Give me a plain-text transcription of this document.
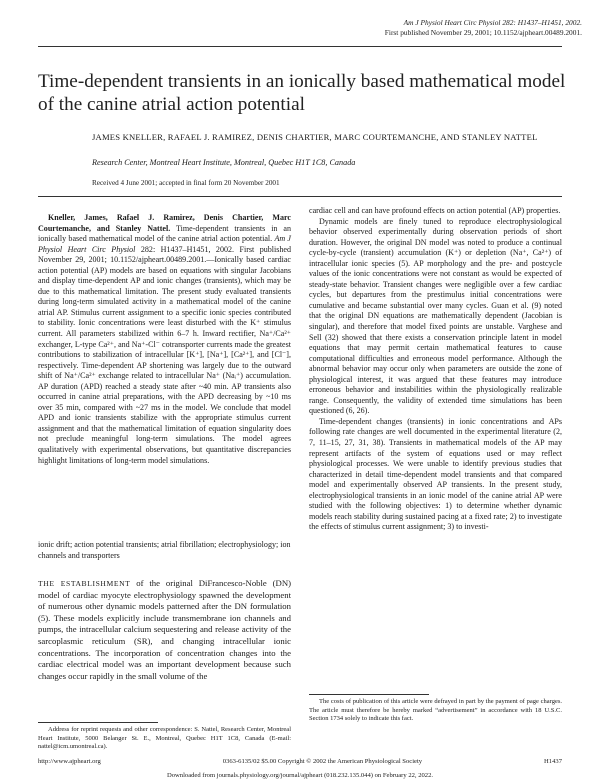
Am J Physiol Heart Circ Physiol 282: H1437–H1451, 2002.
First published November 29, 2001; 10.1152/ajpheart.00489.2001.
Time-dependent transients in an ionically based mathematical model of the canine atrial action potential
JAMES KNELLER, RAFAEL J. RAMIREZ, DENIS CHARTIER, MARC COURTEMANCHE, AND STANLEY NATTEL
Research Center, Montreal Heart Institute, Montreal, Quebec H1T 1C8, Canada
Received 4 June 2001; accepted in final form 20 November 2001

Kneller, James, Rafael J. Ramirez, Denis Chartier, Marc Courtemanche, and Stanley Nattel. Time-dependent transients in an ionically based mathematical model of the canine atrial action potential. Am J Physiol Heart Circ Physiol 282: H1437–H1451, 2002. First published November 29, 2001; 10.1152/ajpheart.00489.2001.—Ionically based cardiac action potential (AP) models are based on equations with singular Jacobians and display time-dependent AP and ionic changes (transients), which may be due to this mathematical limitation. The present study evaluated transients during long-term simulated activity in a mathematical model of the canine atrial AP. Stimulus current assignment to a specific ionic species contributed to stability. Ionic concentrations were least disturbed with the K⁺ stimulus current. All parameters stabilized within 6–7 h. Inward rectifier, Na⁺/Ca²⁺ exchanger, L-type Ca²⁺, and Na⁺-Cl⁻ cotransporter currents made the greatest contributions to stabilization of intracellular [K⁺], [Na⁺], [Ca²⁺], and [Cl⁻], respectively. Time-dependent AP shortening was largely due to the outward shift of Na⁺/Ca²⁺ exchange related to intracellular Na⁺ (Naᵢ⁺) accumulation. AP duration (APD) reached a steady state after ~40 min. AP transients also occurred in canine atrial preparations, with the APD decreasing by ~10 ms over 35 min, compared with ~27 ms in the model. We conclude that model APD and ionic transients stabilize with the appropriate stimulus current assignment and that the mathematical limitation of equation singularity does not preclude meaningful long-term simulations. The model agrees qualitatively with experimental observations, but quantitative discrepancies highlight limitations of long-term model simulations.

ionic drift; action potential transients; atrial fibrillation; electrophysiology; ion channels and transporters
THE ESTABLISHMENT of the original DiFrancesco-Noble (DN) model of cardiac myocyte electrophysiology spawned the development of numerous other dynamic models patterned after the DN formulation (5). These models explicitly include transmembrane ion channels and pumps, the intracellular calcium sequestering and release activity of the sarcoplasmic reticulum (SR), and changing intracellular ionic concentrations. The incorporation of concentration changes into the cardiac electrical model was an important development because such changes occur rapidly in the small volume of the

cardiac cell and can have profound effects on action potential (AP) properties.

Dynamic models are finely tuned to reproduce electrophysiological behavior observed experimentally during observation periods of short duration. However, the original DN model was noted to produce a continual cycle-by-cycle (transient) accumulation (K⁺) or depletion (Na⁺, Ca²⁺) of intracellular ionic species (5). AP morphology and the pre- and postcycle values of the ionic concentrations were not constant as would be expected of steady-state behavior. Transient changes were negligible over a few cardiac cycles, but departures from the prestimulus initial concentrations were cumulative and became substantial over many cycles. Guan et al. (9) noted that the original DN equations are mathematically dependent (Jacobian is singular), and therefore that model fixed points are unstable. Varghese and Sell (32) showed that there exists a conservation principle latent in model equations that may permit certain mathematical features to cause computational difficulties and erroneous model performance. Although the abnormal behavior may occur only when parameters are outside the zone of physiological interest, it was argued that these features may introduce erroneous behavior and instabilities within the physiologically realizable range. Consequently, the validity of extended time simulations has been questioned (6, 26).

Time-dependent changes (transients) in ionic concentrations and APs following rate changes are well documented in the experimental literature (2, 7, 11–15, 27, 31, 38). Transients in mathematical models of the AP may represent artifacts of the system of equations used or may reflect physiological processes. We were unable to identify previous studies that characterized in detail time-dependent model transients and that compared model and experimentally observed AP transients. In the present study, electrophysiological transients in an ionic model of the canine atrial AP were studied with the following objectives: 1) to determine whether dynamic models reach stability during sustained pacing at a fixed rate; 2) to investigate the effects of stimulus current assignment; 3) to investi-

Address for reprint requests and other correspondence: S. Nattel, Research Center, Montreal Heart Institute, 5000 Belanger St. E., Montreal, Quebec H1T 1C8, Canada (E-mail: nattel@icm.umontreal.ca).
The costs of publication of this article were defrayed in part by the payment of page charges. The article must therefore be hereby marked “advertisement” in accordance with 18 U.S.C. Section 1734 solely to indicate this fact.
http://www.ajpheart.org	0363-6135/02 $5.00 Copyright © 2002 the American Physiological Society	H1437
Downloaded from journals.physiology.org/journal/ajpheart (018.232.135.044) on February 22, 2022.
